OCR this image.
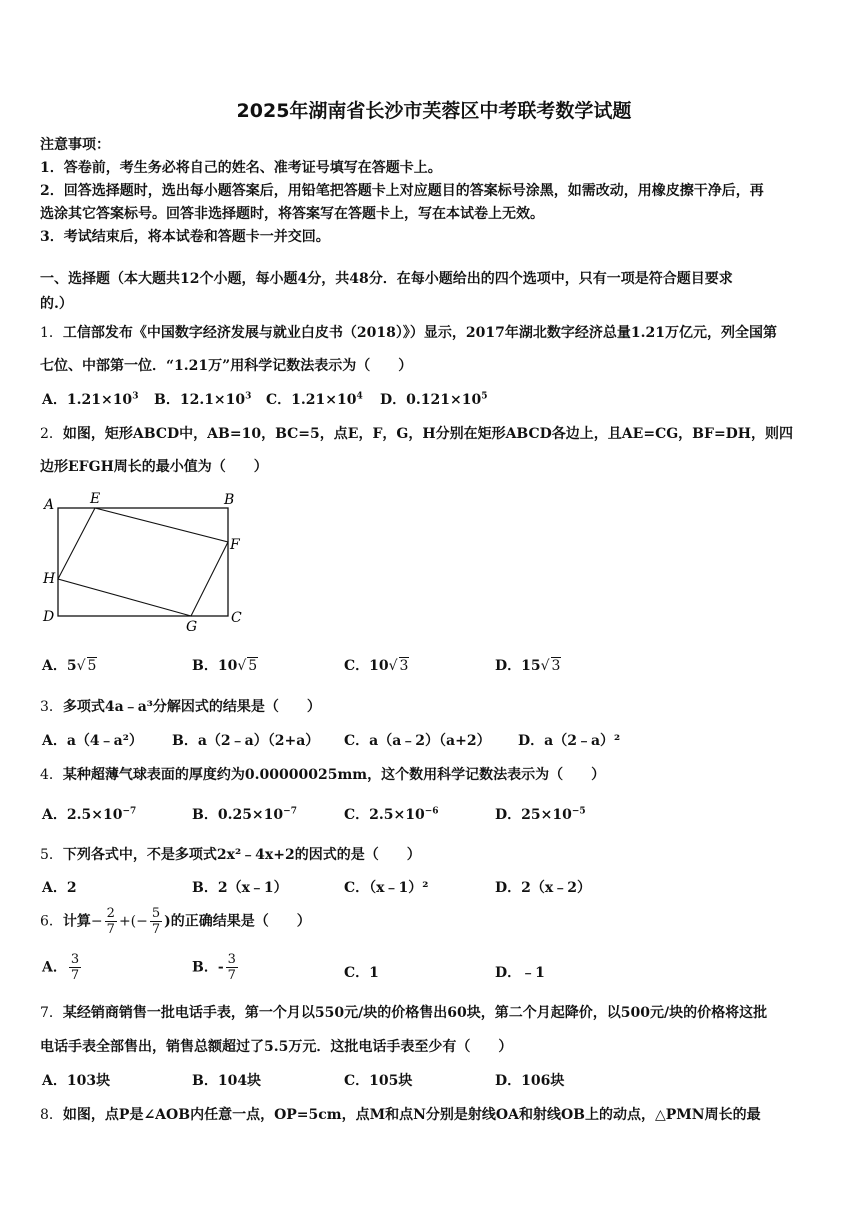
2025年湖南省长沙市芙蓉区中考联考数学试题
注意事项：
1．答卷前，考生务必将自己的姓名、准考证号填写在答题卡上。
2．回答选择题时，选出每小题答案后，用铅笔把答题卡上对应题目的答案标号涂黑，如需改动，用橡皮擦干净后，再
选涂其它答案标号。回答非选择题时，将答案写在答题卡上，写在本试卷上无效。
3．考试结束后，将本试卷和答题卡一并交回。
一、选择题（本大题共12个小题，每小题4分，共48分．在每小题给出的四个选项中，只有一项是符合题目要求
的.）
1．工信部发布《中国数字经济发展与就业白皮书（2018）》）显示，2017年湖北数字经济总量1.21万亿元，列全国第
七位、中部第一位．“1.21万”用科学记数法表示为（　　）
A．$1.21\times 10^3$ B．$12.1\times 10^3$ C．$1.21\times 10^4$ D．$0.121\times 10^5$
2．如图，矩形ABCD中，AB=10，BC=5，点E，F，G，H分别在矩形ABCD各边上，且AE=CG，BF=DH，则四
边形EFGH周长的最小值为（　　）
A	E	B
F
H
D
G
C
A．5√ 5	B．10√ 5	C．10√ 3	D．15√ 3
3．多项式4a﹣a³分解因式的结果是（　　）
A．a（4﹣a²） B．a（2﹣a）（2+a） C．a（a﹣2）（a+2） D．a（2﹣a）²
4．某种超薄气球表面的厚度约为0.00000025mm，这个数用科学记数法表示为（　　）
A．$2.5\times 10^{-7}$	B．$0.25\times 10^{-7}$	C．$2.5\times 10^{-6}$	D．$25\times 10^{-5}$
5．下列各式中，不是多项式2x²﹣4x+2的因式的是（　　）
A．2	B．2（x﹣1）	C．（x﹣1）²	D．2（x﹣2）
6．计算− $\frac{2}{7}$ +(− $\frac{5}{7}$ )的正确结果是（　　）
A． $\frac{3}{7}$	B．- $\frac{3}{7}$	C．1	D．﹣1
7．某经销商销售一批电话手表，第一个月以550元/块的价格售出60块，第二个月起降价，以500元/块的价格将这批
电话手表全部售出，销售总额超过了5.5万元．这批电话手表至少有（　　）
A．103块	B．104块	C．105块	D．106块
8．如图，点P是∠AOB内任意一点，OP=5cm，点M和点N分别是射线OA和射线OB上的动点，△PMN周长的最
